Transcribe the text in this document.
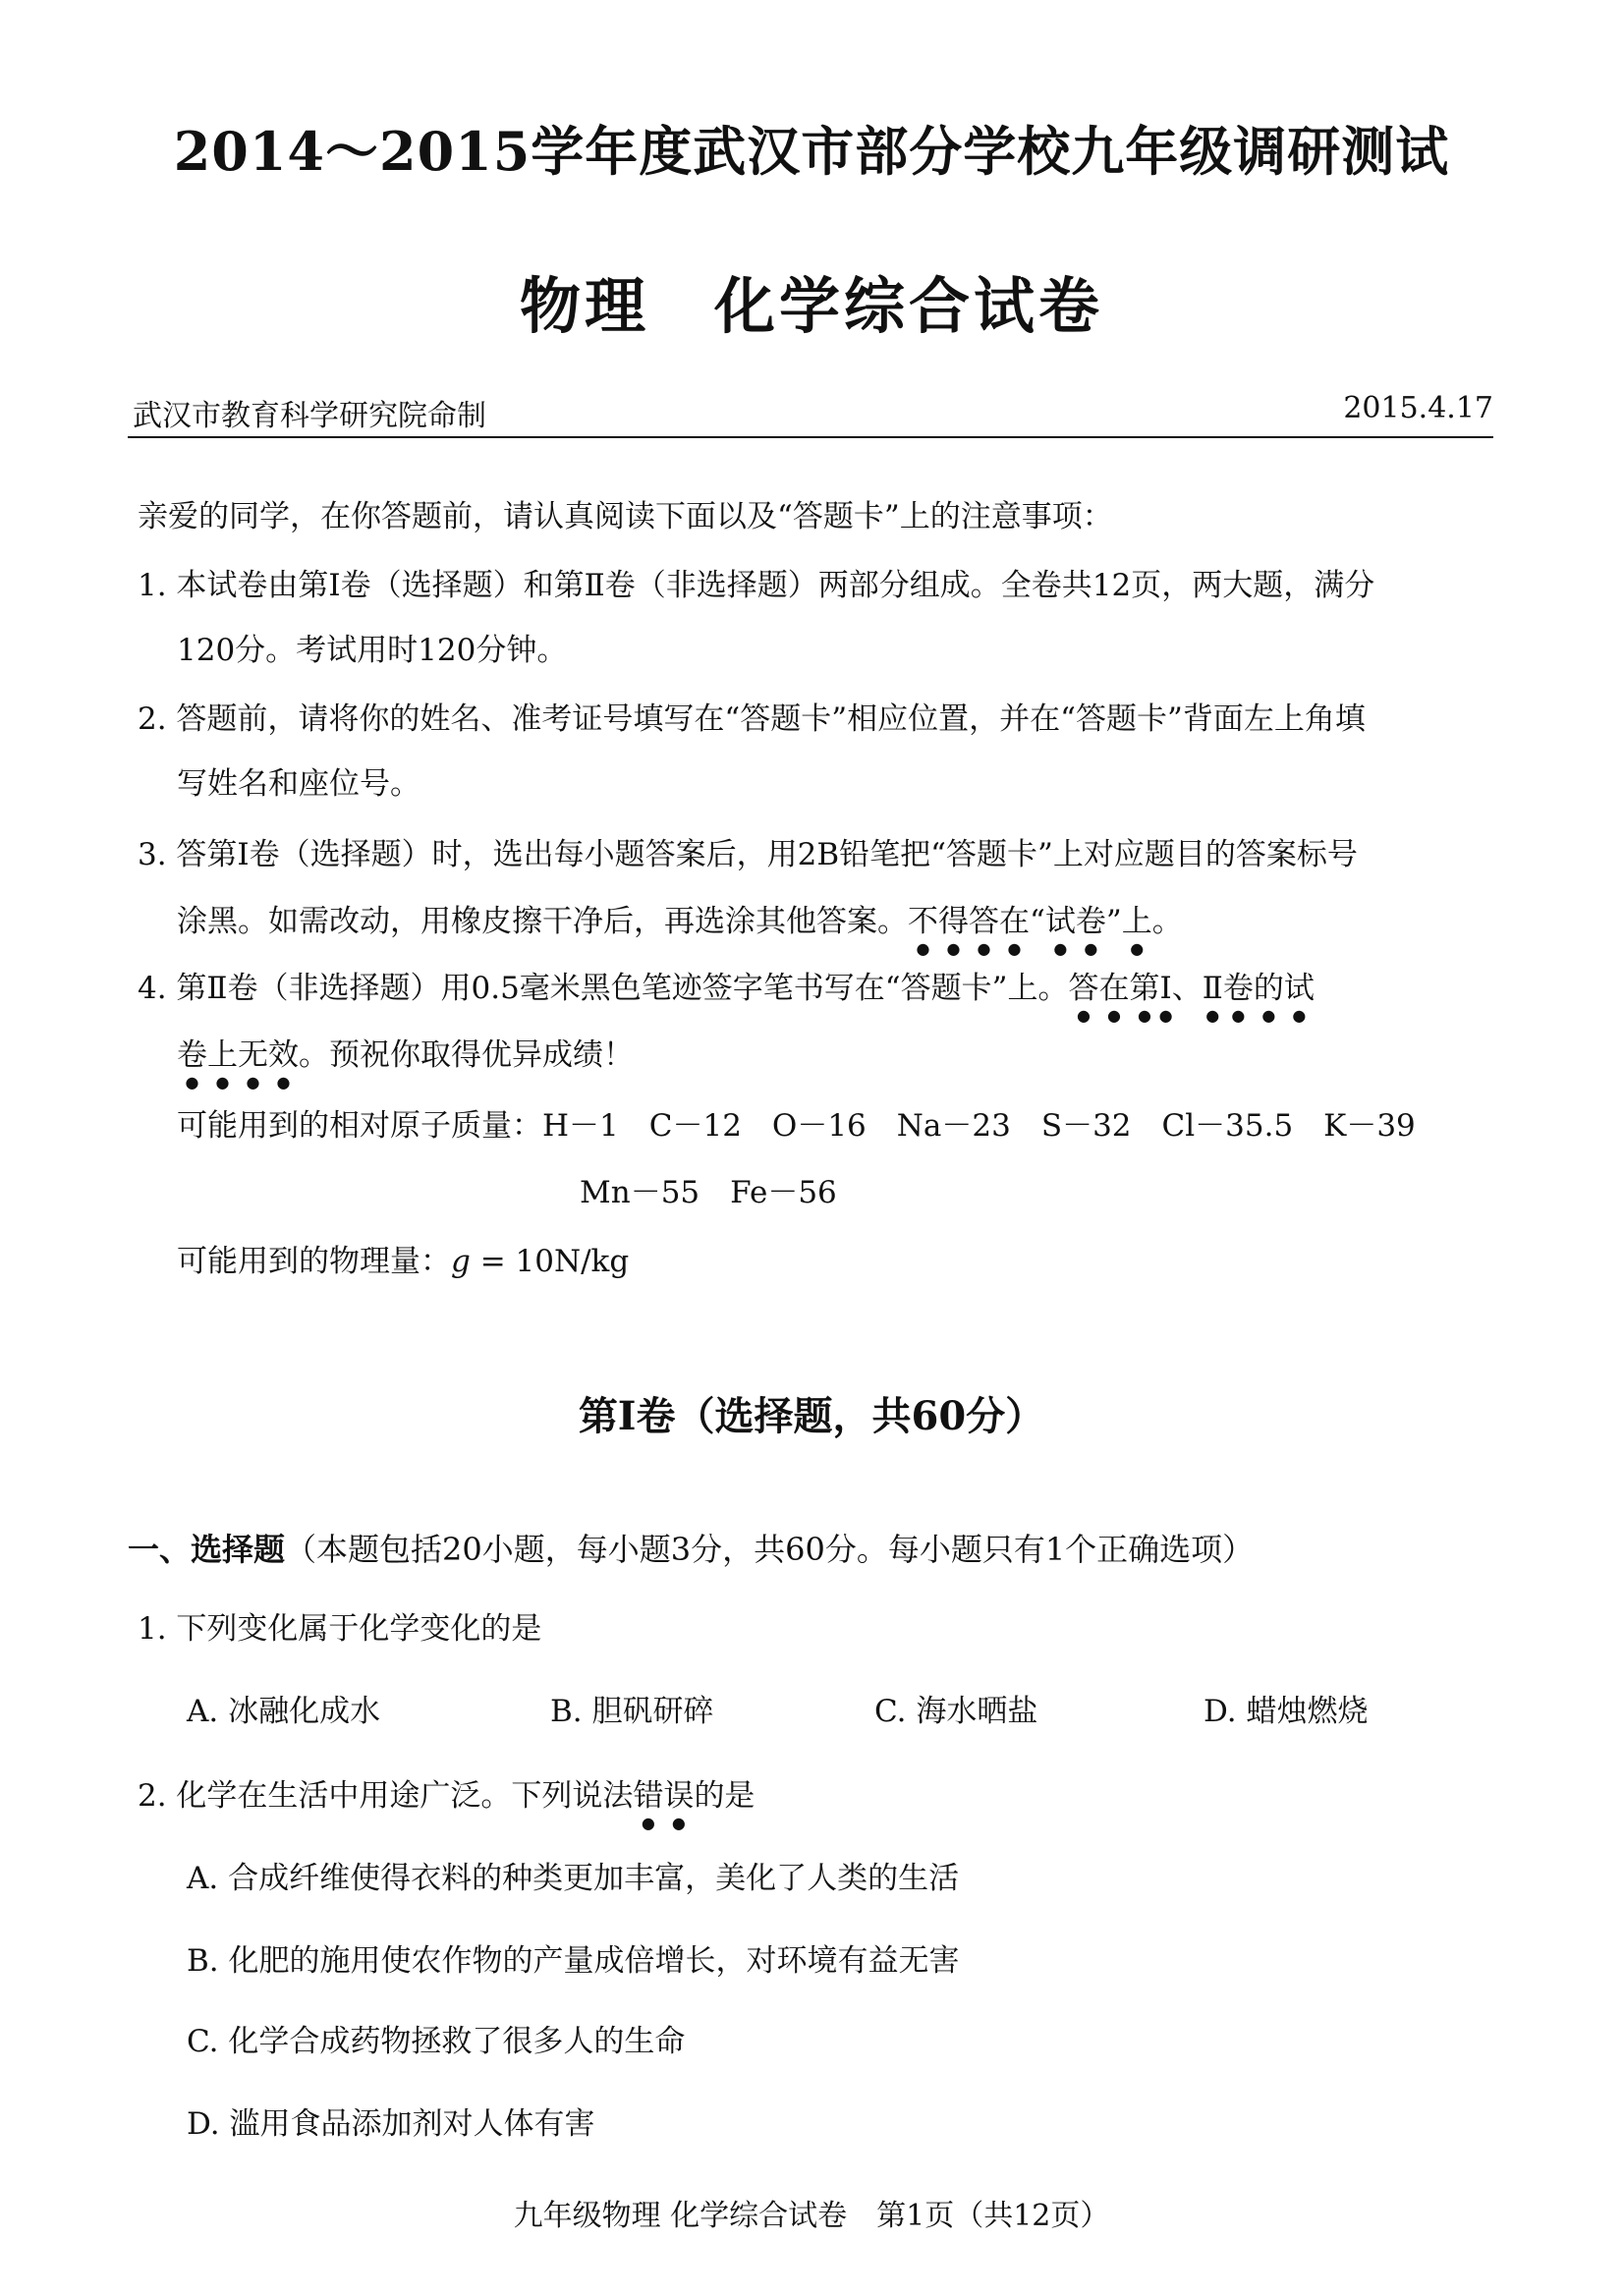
2014～2015学年度武汉市部分学校九年级调研测试
物理　化学综合试卷
武汉市教育科学研究院命制	2015.4.17
亲爱的同学，在你答题前，请认真阅读下面以及“答题卡”上的注意事项：
1. 本试卷由第Ⅰ卷（选择题）和第Ⅱ卷（非选择题）两部分组成。全卷共12页，两大题，满分
120分。考试用时120分钟。
2. 答题前，请将你的姓名、准考证号填写在“答题卡”相应位置，并在“答题卡”背面左上角填
写姓名和座位号。
3. 答第Ⅰ卷（选择题）时，选出每小题答案后，用2B铅笔把“答题卡”上对应题目的答案标号
涂黑。如需改动，用橡皮擦干净后，再选涂其他答案。不得答在“试卷”上。
4. 第Ⅱ卷（非选择题）用0.5毫米黑色笔迹签字笔书写在“答题卡”上。答在第Ⅰ、Ⅱ卷的试
卷上无效。预祝你取得优异成绩！
可能用到的相对原子质量：H－1　C－12　O－16　Na－23　S－32　Cl－35.5　K－39
Mn－55　Fe－56
可能用到的物理量：g = 10N/kg
第Ⅰ卷（选择题，共60分）
一、选择题（本题包括20小题，每小题3分，共60分。每小题只有1个正确选项）
1. 下列变化属于化学变化的是
A. 冰融化成水	B. 胆矾研碎	C. 海水晒盐	D. 蜡烛燃烧
2. 化学在生活中用途广泛。下列说法错误的是
A. 合成纤维使得衣料的种类更加丰富，美化了人类的生活
B. 化肥的施用使农作物的产量成倍增长，对环境有益无害
C. 化学合成药物拯救了很多人的生命
D. 滥用食品添加剂对人体有害
九年级物理 化学综合试卷　第1页（共12页）
